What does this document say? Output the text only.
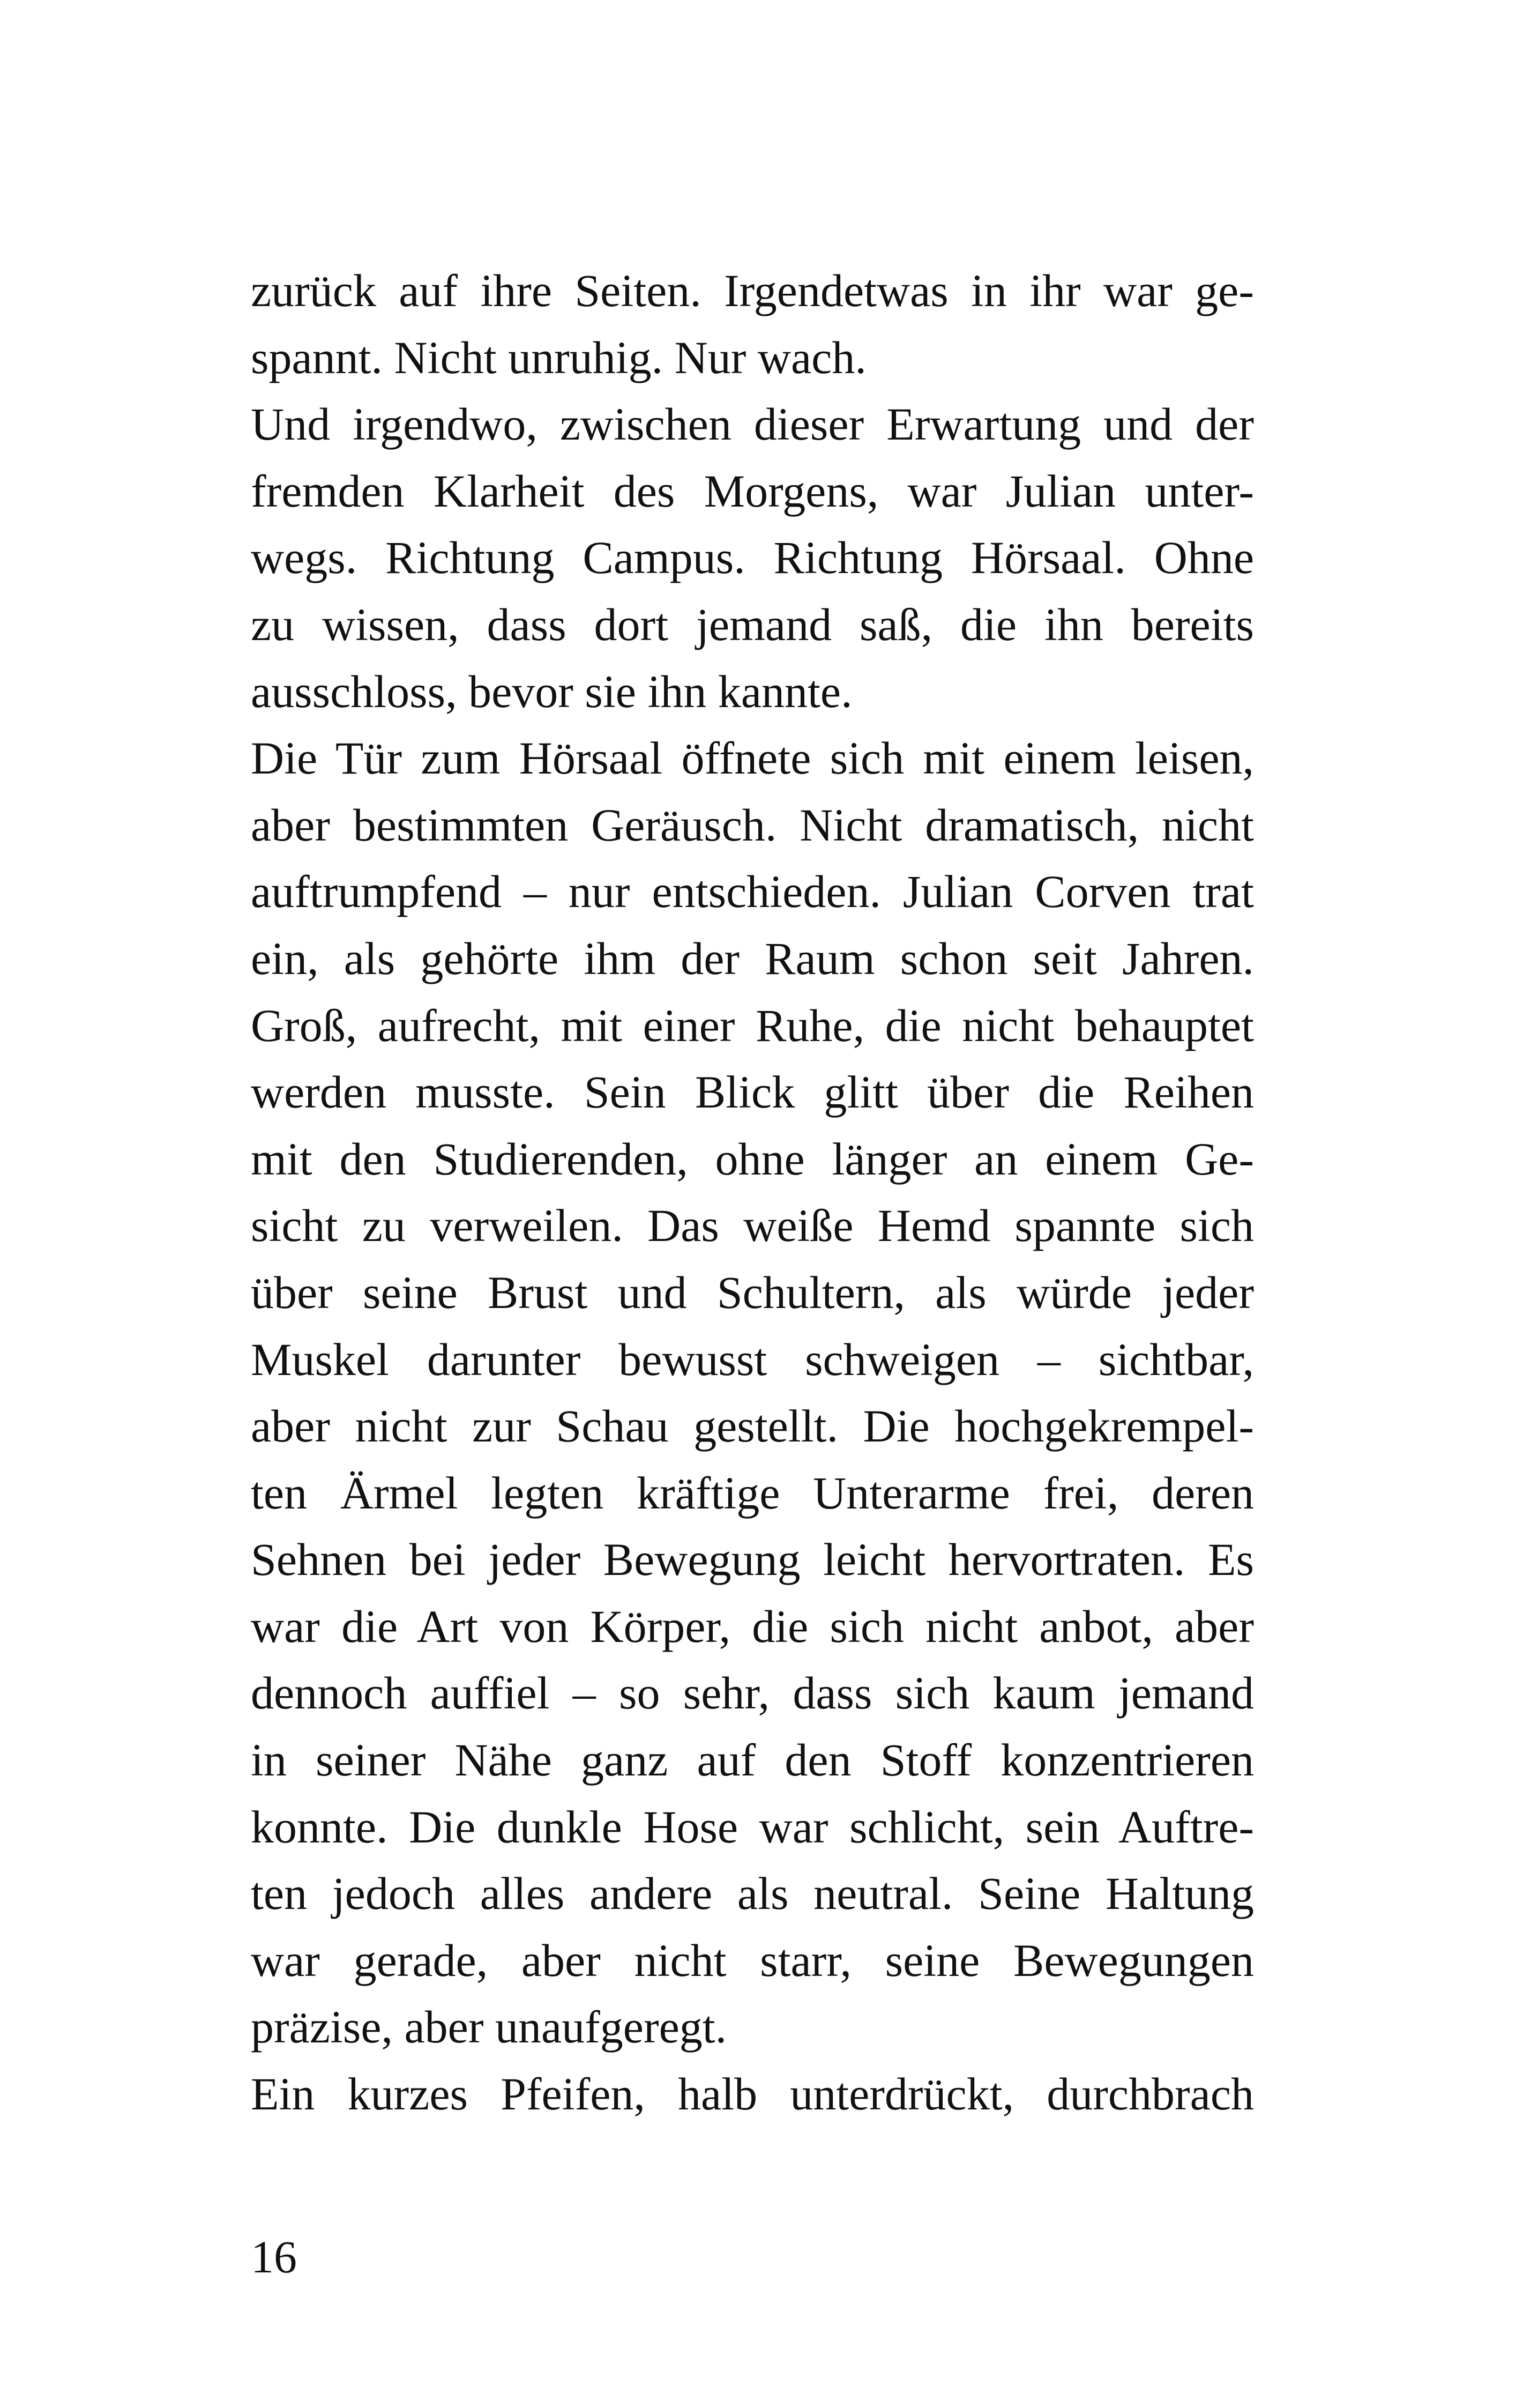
zurück auf ihre Seiten. Irgendetwas in ihr war ge-
spannt. Nicht unruhig. Nur wach.
Und irgendwo, zwischen dieser Erwartung und der
fremden Klarheit des Morgens, war Julian unter-
wegs. Richtung Campus. Richtung Hörsaal. Ohne
zu wissen, dass dort jemand saß, die ihn bereits
ausschloss, bevor sie ihn kannte.
Die Tür zum Hörsaal öffnete sich mit einem leisen,
aber bestimmten Geräusch. Nicht dramatisch, nicht
auftrumpfend – nur entschieden. Julian Corven trat
ein, als gehörte ihm der Raum schon seit Jahren.
Groß, aufrecht, mit einer Ruhe, die nicht behauptet
werden musste. Sein Blick glitt über die Reihen
mit den Studierenden, ohne länger an einem Ge-
sicht zu verweilen. Das weiße Hemd spannte sich
über seine Brust und Schultern, als würde jeder
Muskel darunter bewusst schweigen – sichtbar,
aber nicht zur Schau gestellt. Die hochgekrempel-
ten Ärmel legten kräftige Unterarme frei, deren
Sehnen bei jeder Bewegung leicht hervortraten. Es
war die Art von Körper, die sich nicht anbot, aber
dennoch auffiel – so sehr, dass sich kaum jemand
in seiner Nähe ganz auf den Stoff konzentrieren
konnte. Die dunkle Hose war schlicht, sein Auftre-
ten jedoch alles andere als neutral. Seine Haltung
war gerade, aber nicht starr, seine Bewegungen
präzise, aber unaufgeregt.
Ein kurzes Pfeifen, halb unterdrückt, durchbrach
16
